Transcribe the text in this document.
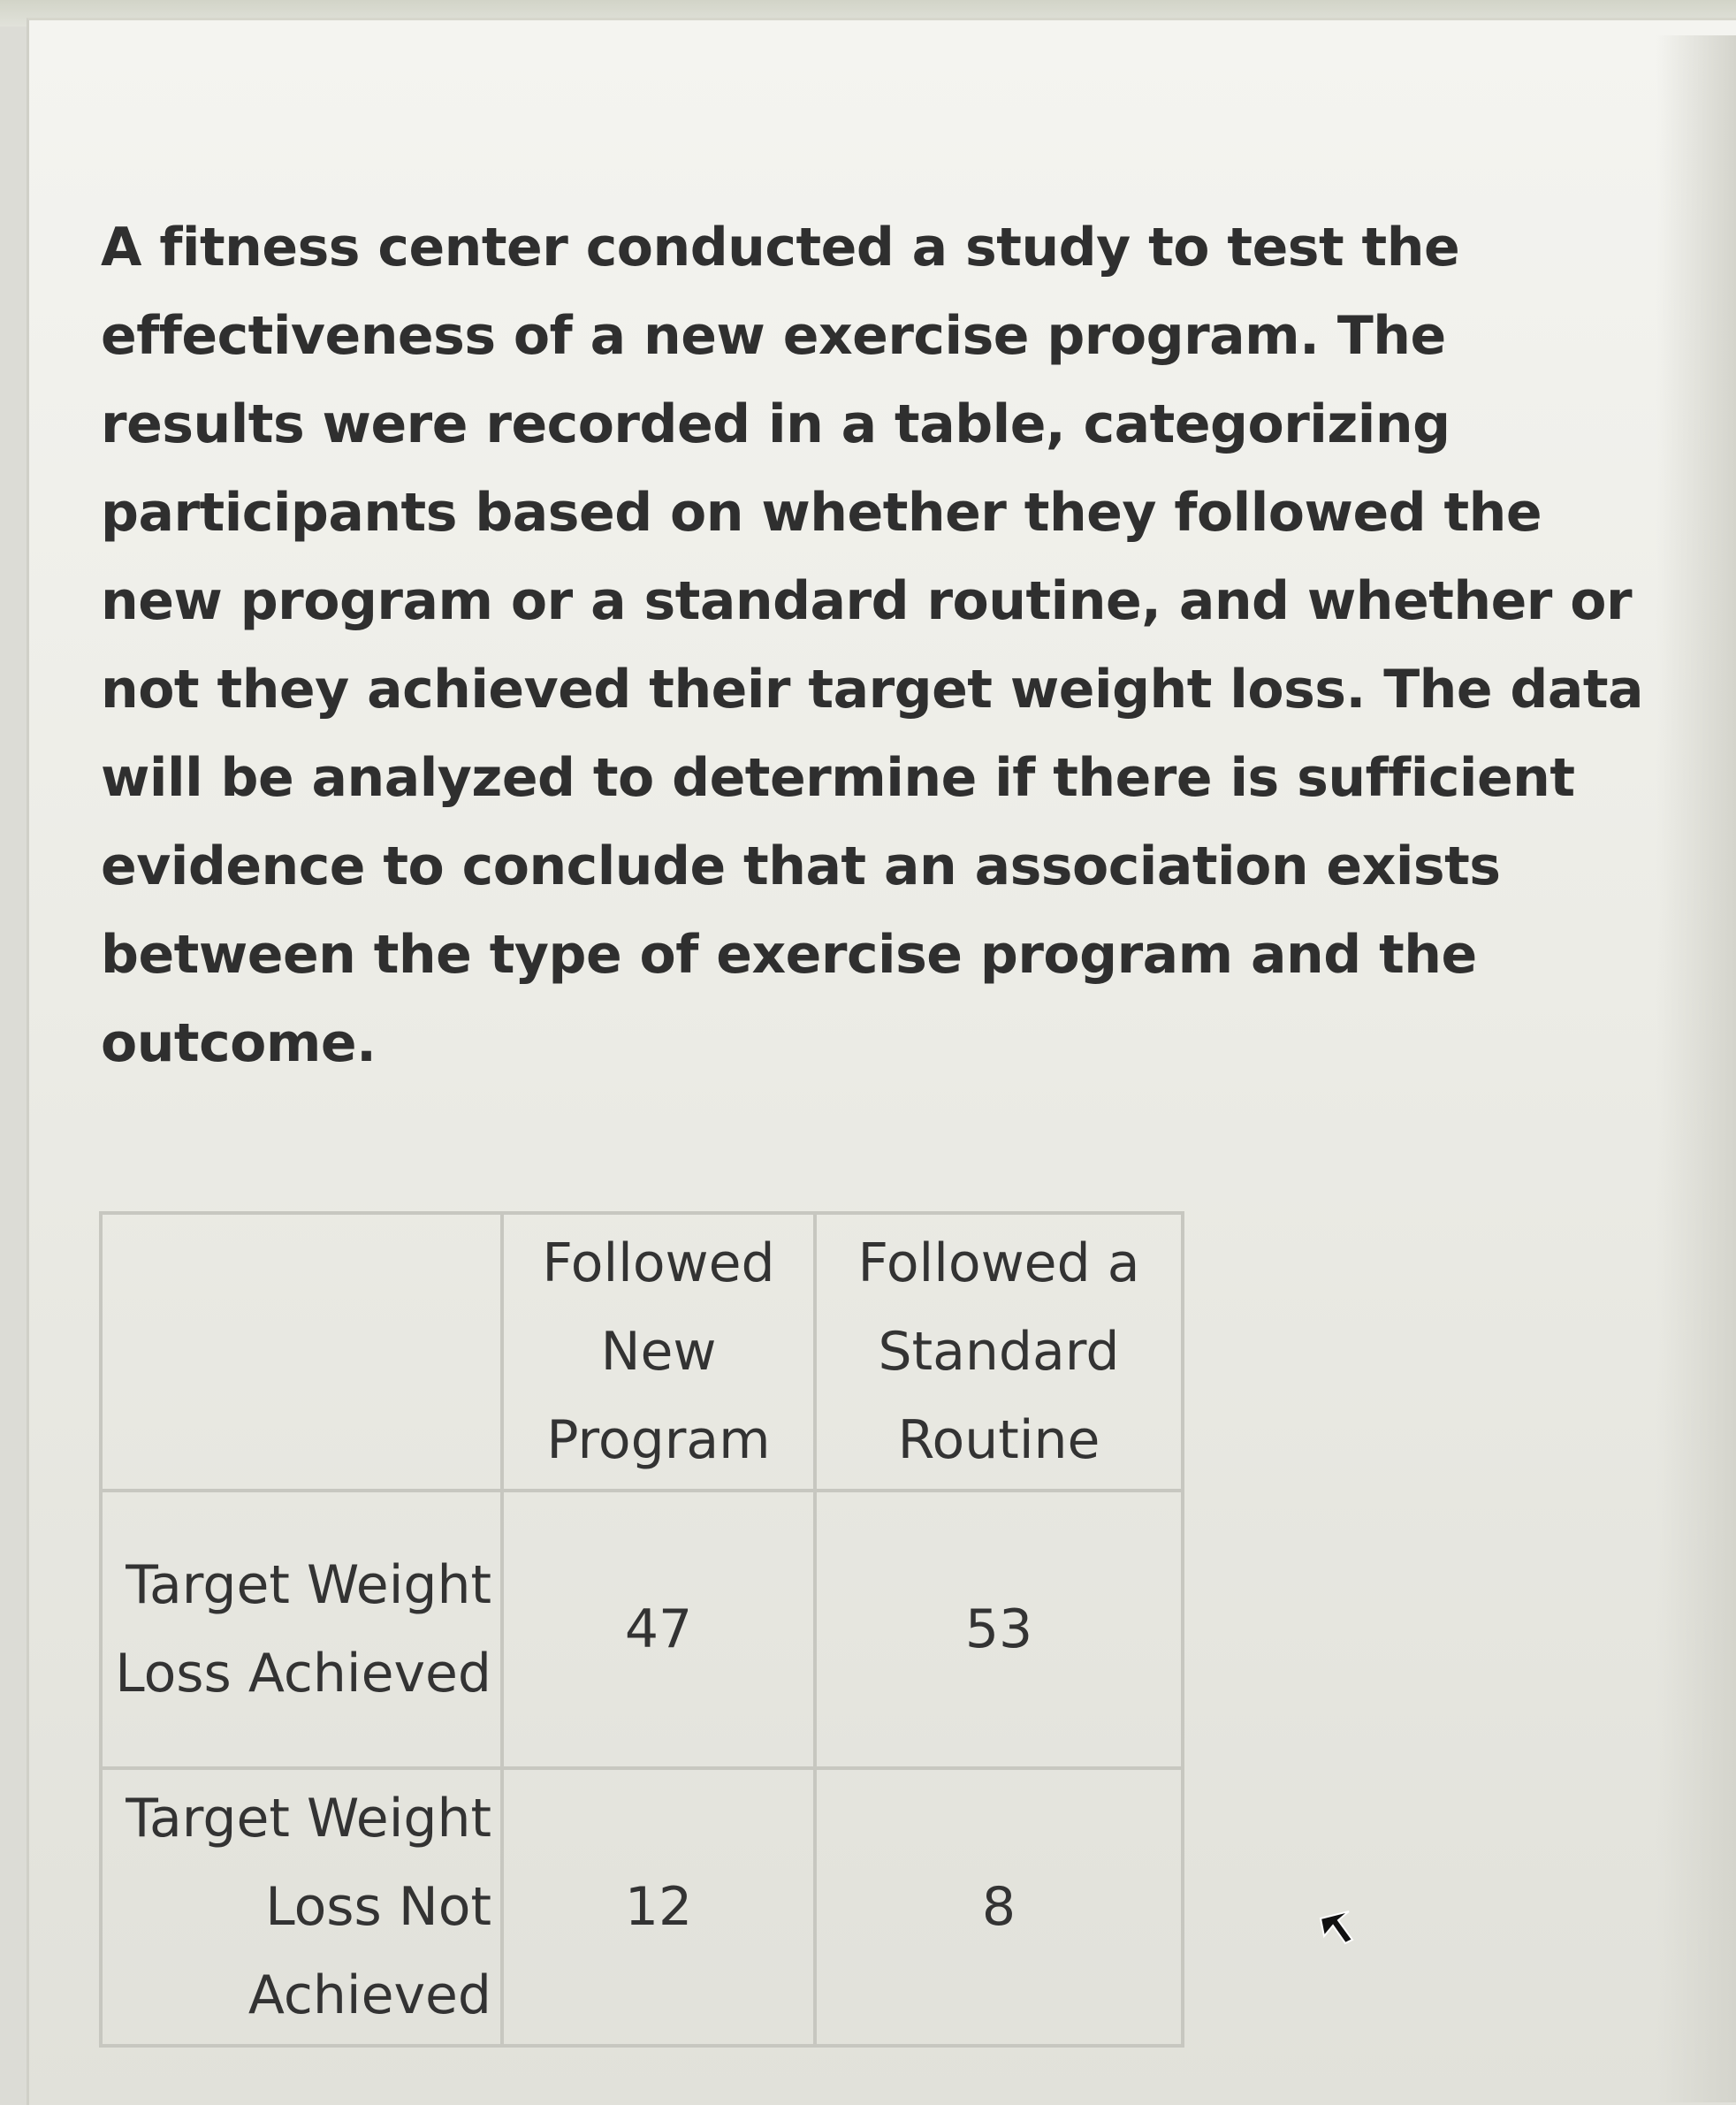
A fitness center conducted a study to test the effectiveness of a new exercise program. The results were recorded in a table, categorizing participants based on whether they followed the new program or a standard routine, and whether or not they achieved their target weight loss. The data will be analyzed to determine if there is sufficient evidence to conclude that an association exists between the type of exercise program and the outcome.

	Followed New Program	Followed a Standard Routine
Target Weight Loss Achieved	47	53
Target Weight Loss Not Achieved	12	8
